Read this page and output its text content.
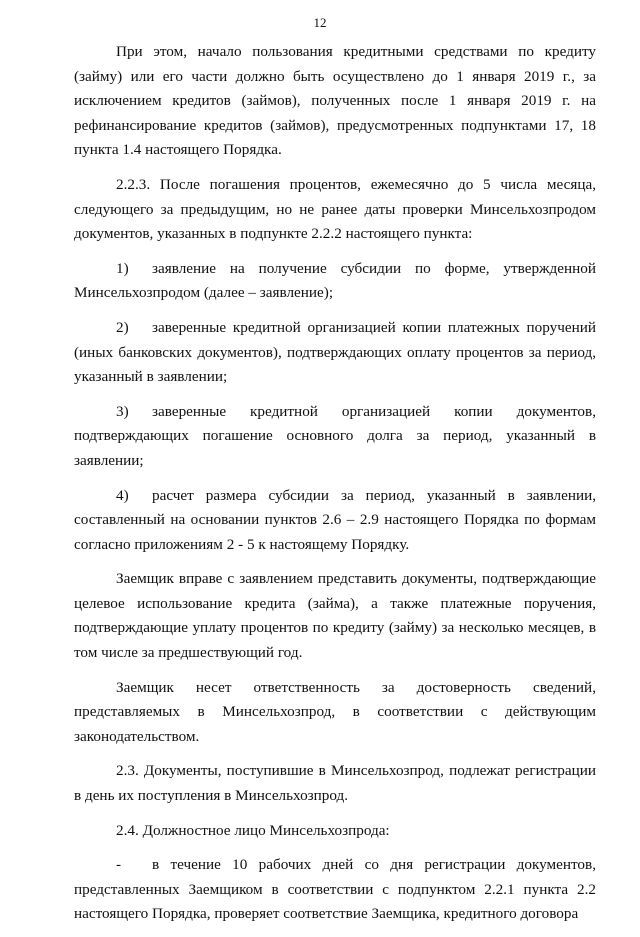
12

При этом, начало пользования кредитными средствами по кредиту (займу) или его части должно быть осуществлено до 1 января 2019 г., за исключением кредитов (займов), полученных после 1 января 2019 г. на рефинансирование кредитов (займов), предусмотренных подпунктами 17, 18 пункта 1.4 настоящего Порядка.

2.2.3. После погашения процентов, ежемесячно до 5 числа месяца, следующего за предыдущим, но не ранее даты проверки Минсельхозпродом документов, указанных в подпункте 2.2.2 настоящего пункта:

1) заявление на получение субсидии по форме, утвержденной Минсельхозпродом (далее – заявление);

2) заверенные кредитной организацией копии платежных поручений (иных банковских документов), подтверждающих оплату процентов за период, указанный в заявлении;

3) заверенные кредитной организацией копии документов, подтверждающих погашение основного долга за период, указанный в заявлении;

4) расчет размера субсидии за период, указанный в заявлении, составленный на основании пунктов 2.6 – 2.9 настоящего Порядка по формам согласно приложениям 2 - 5 к настоящему Порядку.

Заемщик вправе с заявлением представить документы, подтверждающие целевое использование кредита (займа), а также платежные поручения, подтверждающие уплату процентов по кредиту (займу) за несколько месяцев, в том числе за предшествующий год.

Заемщик несет ответственность за достоверность сведений, представляемых в Минсельхозпрод, в соответствии с действующим законодательством.

2.3. Документы, поступившие в Минсельхозпрод, подлежат регистрации в день их поступления в Минсельхозпрод.

2.4. Должностное лицо Минсельхозпрода:

- в течение 10 рабочих дней со дня регистрации документов, представленных Заемщиком в соответствии с подпунктом 2.2.1 пункта 2.2 настоящего Порядка, проверяет соответствие Заемщика, кредитного договора
